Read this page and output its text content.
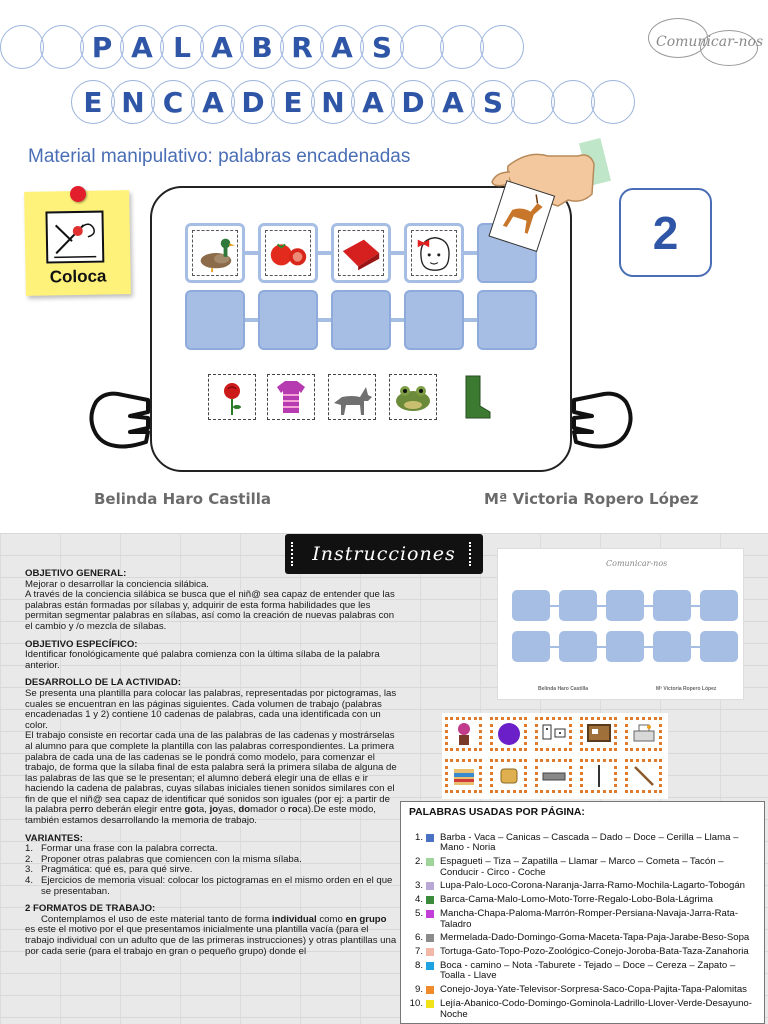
P A L A B R A S
E N C A D E N A D A S
Comunicar-nos
Material manipulativo: palabras encadenadas
Coloca
2
Belinda Haro Castilla	Mª Victoria Ropero López
Instrucciones
OBJETIVO GENERAL:

Mejorar o desarrollar la conciencia silábica.

A través de la conciencia silábica se busca que el niñ@ sea capaz de entender que las palabras están formadas por sílabas y, adquirir de esta forma habilidades que les permitan segmentar palabras en sílabas, así como la creación de nuevas palabras con el cambio y /o mezcla de sílabas.

OBJETIVO ESPECÍFICO:

Identificar fonológicamente qué palabra comienza con la última sílaba de la palabra anterior.

DESARROLLO DE LA ACTIVIDAD:

Se presenta una plantilla para colocar las palabras, representadas por pictogramas, las cuales se encuentran en las páginas siguientes. Cada volumen de trabajo (palabras encadenadas 1 y 2) contiene 10 cadenas de palabras, cada una identificada con un color.

El trabajo consiste en recortar cada una de las palabras de las cadenas y mostrárselas al alumno para que complete la plantilla con las palabras correspondientes. La primera palabra de cada una de las cadenas se le pondrá como modelo, para comenzar el trabajo, de forma que la sílaba final de esta palabra será la primera sílaba de alguna de las palabras de las que se le presentan; el alumno deberá elegir una de ellas e ir haciendo la cadena de palabras, cuyas sílabas iniciales tienen sonidos similares con el fin de que el niñ@ sea capaz de identificar qué sonidos son iguales (por ej: a partir de la palabra perro deberán elegir entre gota, joyas, domador o roca).De este modo, también estamos desarrollando la memoria de trabajo.

VARIANTES:
1. Formar una frase con la palabra correcta.
2. Proponer otras palabras que comiencen con la misma sílaba.
3. Pragmática: qué es, para qué sirve.
4. Ejercicios de memoria visual: colocar los pictogramas en el mismo orden en el que se presentaban.
2 FORMATOS DE TRABAJO:

Contemplamos el uso de este material tanto de forma individual como en grupo es este el motivo por el que presentamos inicialmente una plantilla vacía (para el trabajo individual con un adulto que de las primeras instrucciones) y otras plantillas una por cada serie (para el trabajo en gran o pequeño grupo) donde el

Comunicar-nos
Belinda Haro Castilla	Mª Victoria Ropero López
PALABRAS USADAS POR PÁGINA:
1. Barba - Vaca – Canicas – Cascada – Dado – Doce – Cerilla – Llama – Mano - Noria
2. Espagueti – Tiza – Zapatilla – Llamar – Marco – Cometa – Tacón – Conducir - Circo - Coche
3. Lupa-Palo-Loco-Corona-Naranja-Jarra-Ramo-Mochila-Lagarto-Tobogán
4. Barca-Cama-Malo-Lomo-Moto-Torre-Regalo-Lobo-Bola-Lágrima
5. Mancha-Chapa-Paloma-Marrón-Romper-Persiana-Navaja-Jarra-Rata-Taladro
6. Mermelada-Dado-Domingo-Goma-Maceta-Tapa-Paja-Jarabe-Beso-Sopa
7. Tortuga-Gato-Topo-Pozo-Zoológico-Conejo-Joroba-Bata-Taza-Zanahoria
8. Boca - camino – Nota -Taburete - Tejado – Doce – Cereza – Zapato – Toalla - Llave
9. Conejo-Joya-Yate-Televisor-Sorpresa-Saco-Copa-Pajita-Tapa-Palomitas
10. Lejía-Abanico-Codo-Domingo-Gominola-Ladrillo-Llover-Verde-Desayuno-Noche
